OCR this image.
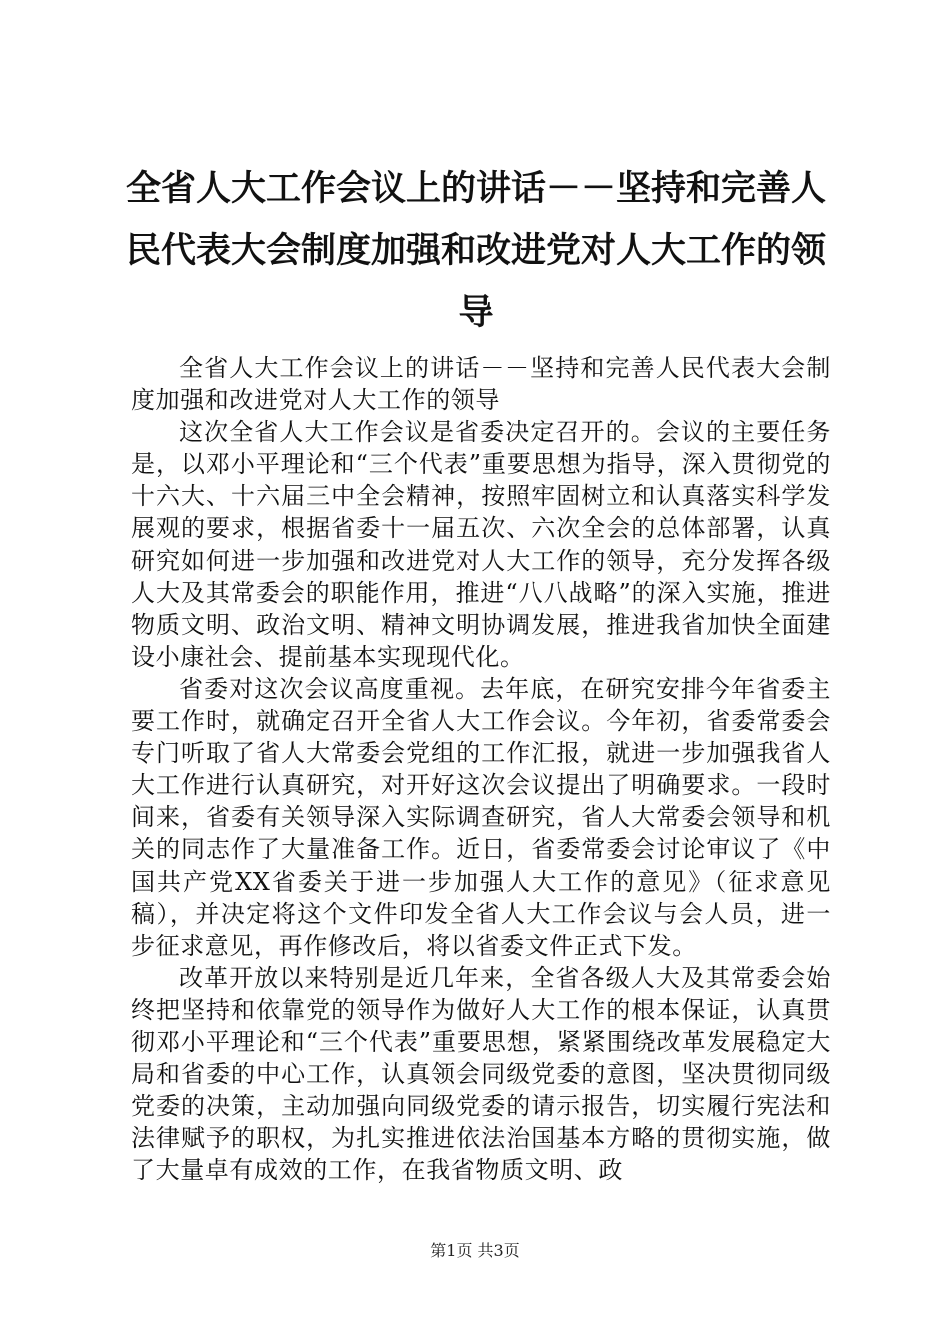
全省人大工作会议上的讲话－－坚持和完善人民代表大会制度加强和改进党对人大工作的领导

全省人大工作会议上的讲话－－坚持和完善人民代表大会制度加强和改进党对人大工作的领导

这次全省人大工作会议是省委决定召开的。会议的主要任务是，以邓小平理论和“三个代表”重要思想为指导，深入贯彻党的十六大、十六届三中全会精神，按照牢固树立和认真落实科学发展观的要求，根据省委十一届五次、六次全会的总体部署，认真研究如何进一步加强和改进党对人大工作的领导，充分发挥各级人大及其常委会的职能作用，推进“八八战略”的深入实施，推进物质文明、政治文明、精神文明协调发展，推进我省加快全面建设小康社会、提前基本实现现代化。

省委对这次会议高度重视。去年底，在研究安排今年省委主要工作时，就确定召开全省人大工作会议。今年初，省委常委会专门听取了省人大常委会党组的工作汇报，就进一步加强我省人大工作进行认真研究，对开好这次会议提出了明确要求。一段时间来，省委有关领导深入实际调查研究，省人大常委会领导和机关的同志作了大量准备工作。近日，省委常委会讨论审议了《中国共产党XX省委关于进一步加强人大工作的意见》（征求意见稿），并决定将这个文件印发全省人大工作会议与会人员，进一步征求意见，再作修改后，将以省委文件正式下发。

改革开放以来特别是近几年来，全省各级人大及其常委会始终把坚持和依靠党的领导作为做好人大工作的根本保证，认真贯彻邓小平理论和“三个代表”重要思想，紧紧围绕改革发展稳定大局和省委的中心工作，认真领会同级党委的意图，坚决贯彻同级党委的决策，主动加强向同级党委的请示报告，切实履行宪法和法律赋予的职权，为扎实推进依法治国基本方略的贯彻实施，做了大量卓有成效的工作，在我省物质文明、政

第1页 共3页
